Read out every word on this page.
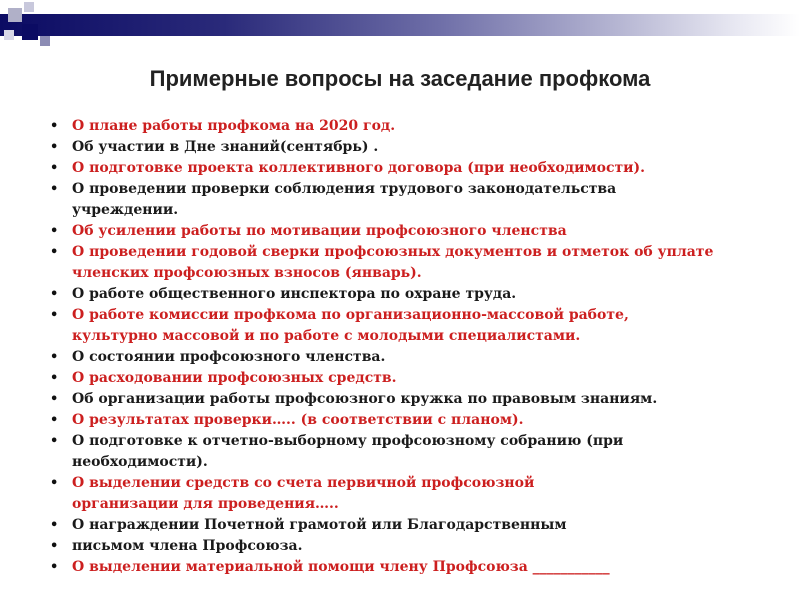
Примерные вопросы на заседание профкома
• О плане работы профкома на 2020 год.
• Об участии в Дне знаний(сентябрь) .
• О подготовке проекта коллективного договора (при необходимости).
• О проведении проверки соблюдения трудового законодательства
учреждении.
• Об усилении работы по мотивации профсоюзного членства
• О проведении годовой сверки профсоюзных документов и отметок об уплате
членских профсоюзных взносов (январь).
• О работе общественного инспектора по охране труда.
• О работе комиссии профкома по организационно-массовой работе,
культурно массовой и по работе с молодыми специалистами.
• О состоянии профсоюзного членства.
• О расходовании профсоюзных средств.
• Об организации работы профсоюзного кружка по правовым знаниям.
• О результатах проверки….. (в соответствии с планом).
• О подготовке к отчетно-выборному профсоюзному собранию (при
необходимости).
• О выделении средств со счета первичной профсоюзной
организации для проведения…..
• О награждении Почетной грамотой или Благодарственным
• письмом члена Профсоюза.
• О выделении материальной помощи члену Профсоюза ___________
